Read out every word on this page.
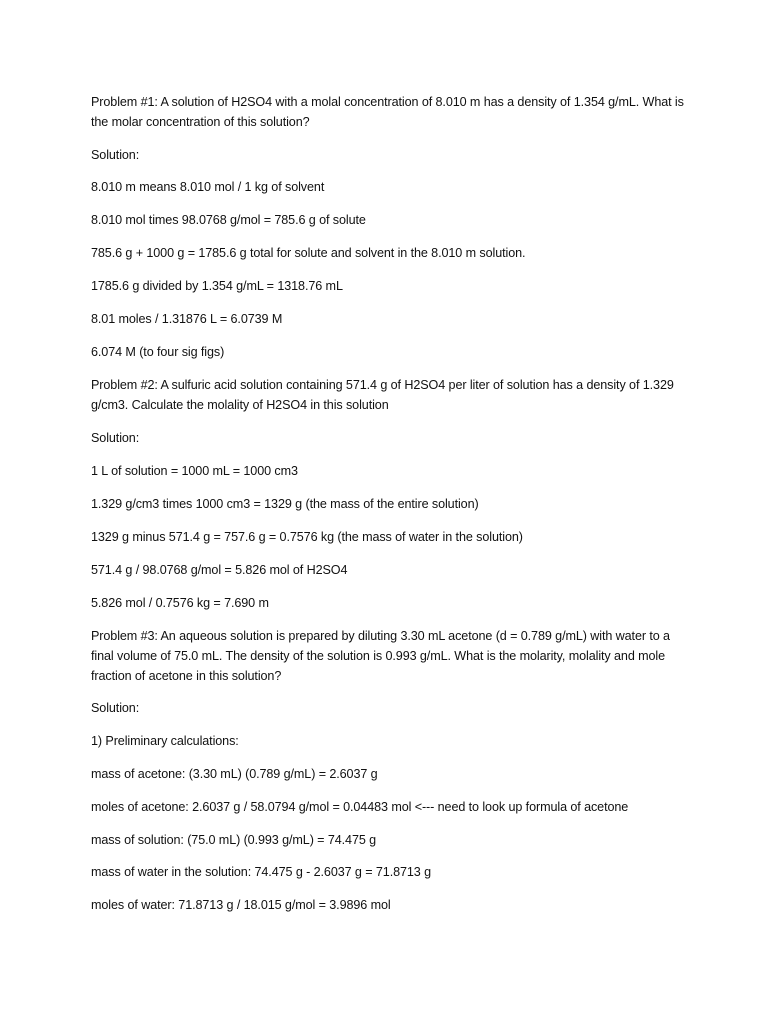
Problem #1: A solution of H2SO4 with a molal concentration of 8.010 m has a density of 1.354 g/mL. What is the molar concentration of this solution?
Solution:
8.010 m means 8.010 mol / 1 kg of solvent
8.010 mol times 98.0768 g/mol = 785.6 g of solute
785.6 g + 1000 g = 1785.6 g total for solute and solvent in the 8.010 m solution.
1785.6 g divided by 1.354 g/mL = 1318.76 mL
8.01 moles / 1.31876 L = 6.0739 M
6.074 M (to four sig figs)
Problem #2: A sulfuric acid solution containing 571.4 g of H2SO4 per liter of solution has a density of 1.329 g/cm3. Calculate the molality of H2SO4 in this solution
Solution:
1 L of solution = 1000 mL = 1000 cm3
1.329 g/cm3 times 1000 cm3 = 1329 g (the mass of the entire solution)
1329 g minus 571.4 g = 757.6 g = 0.7576 kg (the mass of water in the solution)
571.4 g / 98.0768 g/mol = 5.826 mol of H2SO4
5.826 mol / 0.7576 kg = 7.690 m
Problem #3: An aqueous solution is prepared by diluting 3.30 mL acetone (d = 0.789 g/mL) with water to a final volume of 75.0 mL. The density of the solution is 0.993 g/mL. What is the molarity, molality and mole fraction of acetone in this solution?
Solution:
1) Preliminary calculations:
mass of acetone: (3.30 mL) (0.789 g/mL) = 2.6037 g
moles of acetone: 2.6037 g / 58.0794 g/mol = 0.04483 mol <--- need to look up formula of acetone
mass of solution: (75.0 mL) (0.993 g/mL) = 74.475 g
mass of water in the solution: 74.475 g - 2.6037 g = 71.8713 g
moles of water: 71.8713 g / 18.015 g/mol = 3.9896 mol
